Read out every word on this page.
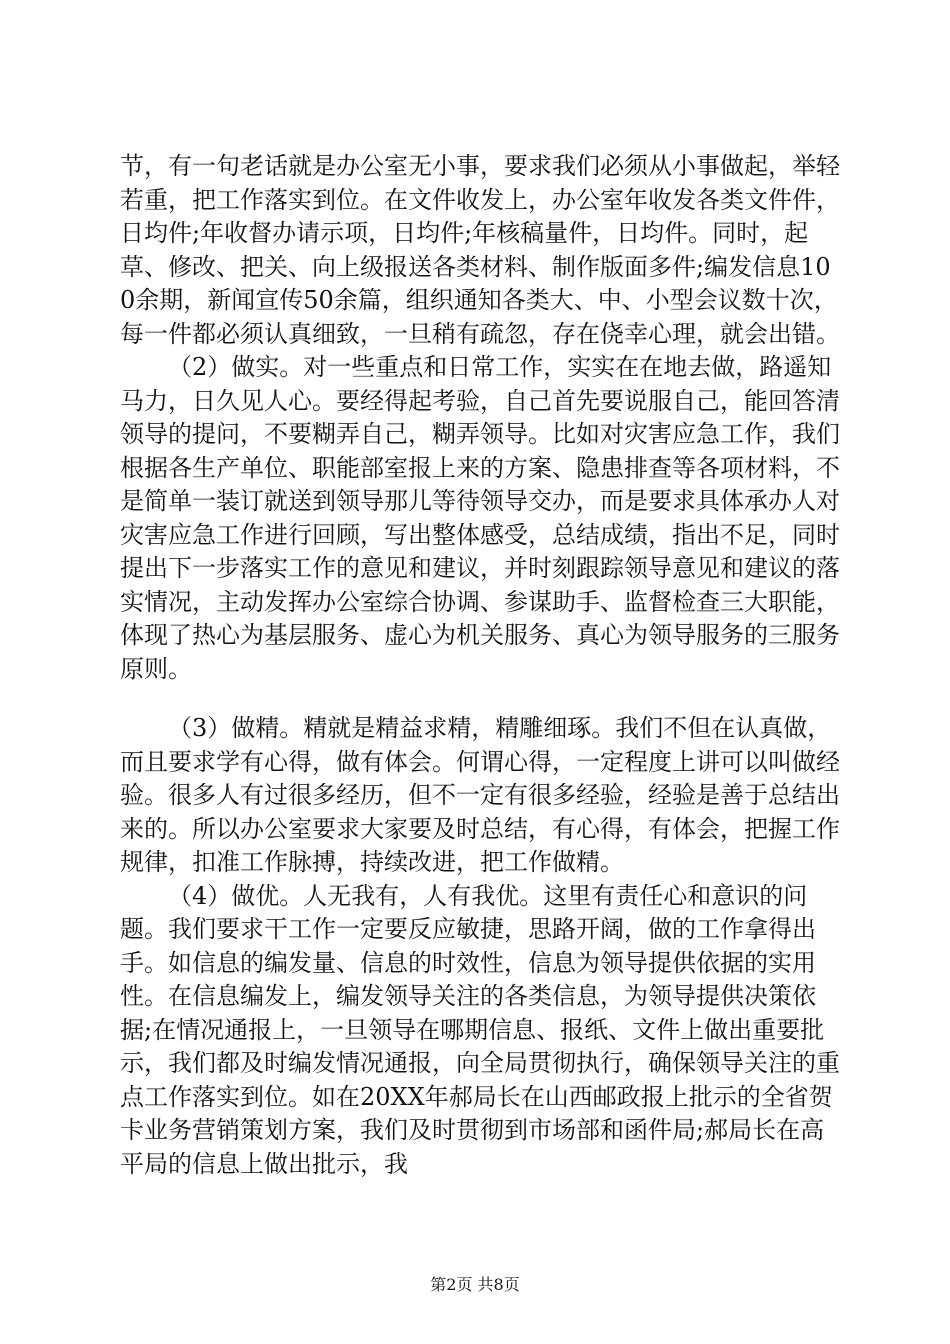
节，有一句老话就是办公室无小事，要求我们必须从小事做起，举轻若重，把工作落实到位。在文件收发上，办公室年收发各类文件件，日均件;年收督办请示项，日均件;年核稿量件，日均件。同时，起草、修改、把关、向上级报送各类材料、制作版面多件;编发信息100余期，新闻宣传50余篇，组织通知各类大、中、小型会议数十次，每一件都必须认真细致，一旦稍有疏忽，存在侥幸心理，就会出错。

（2）做实。对一些重点和日常工作，实实在在地去做，路遥知马力，日久见人心。要经得起考验，自己首先要说服自己，能回答清领导的提问，不要糊弄自己，糊弄领导。比如对灾害应急工作，我们根据各生产单位、职能部室报上来的方案、隐患排查等各项材料，不是简单一装订就送到领导那儿等待领导交办，而是要求具体承办人对灾害应急工作进行回顾，写出整体感受，总结成绩，指出不足，同时提出下一步落实工作的意见和建议，并时刻跟踪领导意见和建议的落实情况，主动发挥办公室综合协调、参谋助手、监督检查三大职能，体现了热心为基层服务、虚心为机关服务、真心为领导服务的三服务原则。

（3）做精。精就是精益求精，精雕细琢。我们不但在认真做，而且要求学有心得，做有体会。何谓心得，一定程度上讲可以叫做经验。很多人有过很多经历，但不一定有很多经验，经验是善于总结出来的。所以办公室要求大家要及时总结，有心得，有体会，把握工作规律，扣准工作脉搏，持续改进，把工作做精。

（4）做优。人无我有，人有我优。这里有责任心和意识的问题。我们要求干工作一定要反应敏捷，思路开阔，做的工作拿得出手。如信息的编发量、信息的时效性，信息为领导提供依据的实用性。在信息编发上，编发领导关注的各类信息，为领导提供决策依据;在情况通报上，一旦领导在哪期信息、报纸、文件上做出重要批示，我们都及时编发情况通报，向全局贯彻执行，确保领导关注的重点工作落实到位。如在20XX年郝局长在山西邮政报上批示的全省贺卡业务营销策划方案，我们及时贯彻到市场部和函件局;郝局长在高平局的信息上做出批示，我

第2页 共8页
